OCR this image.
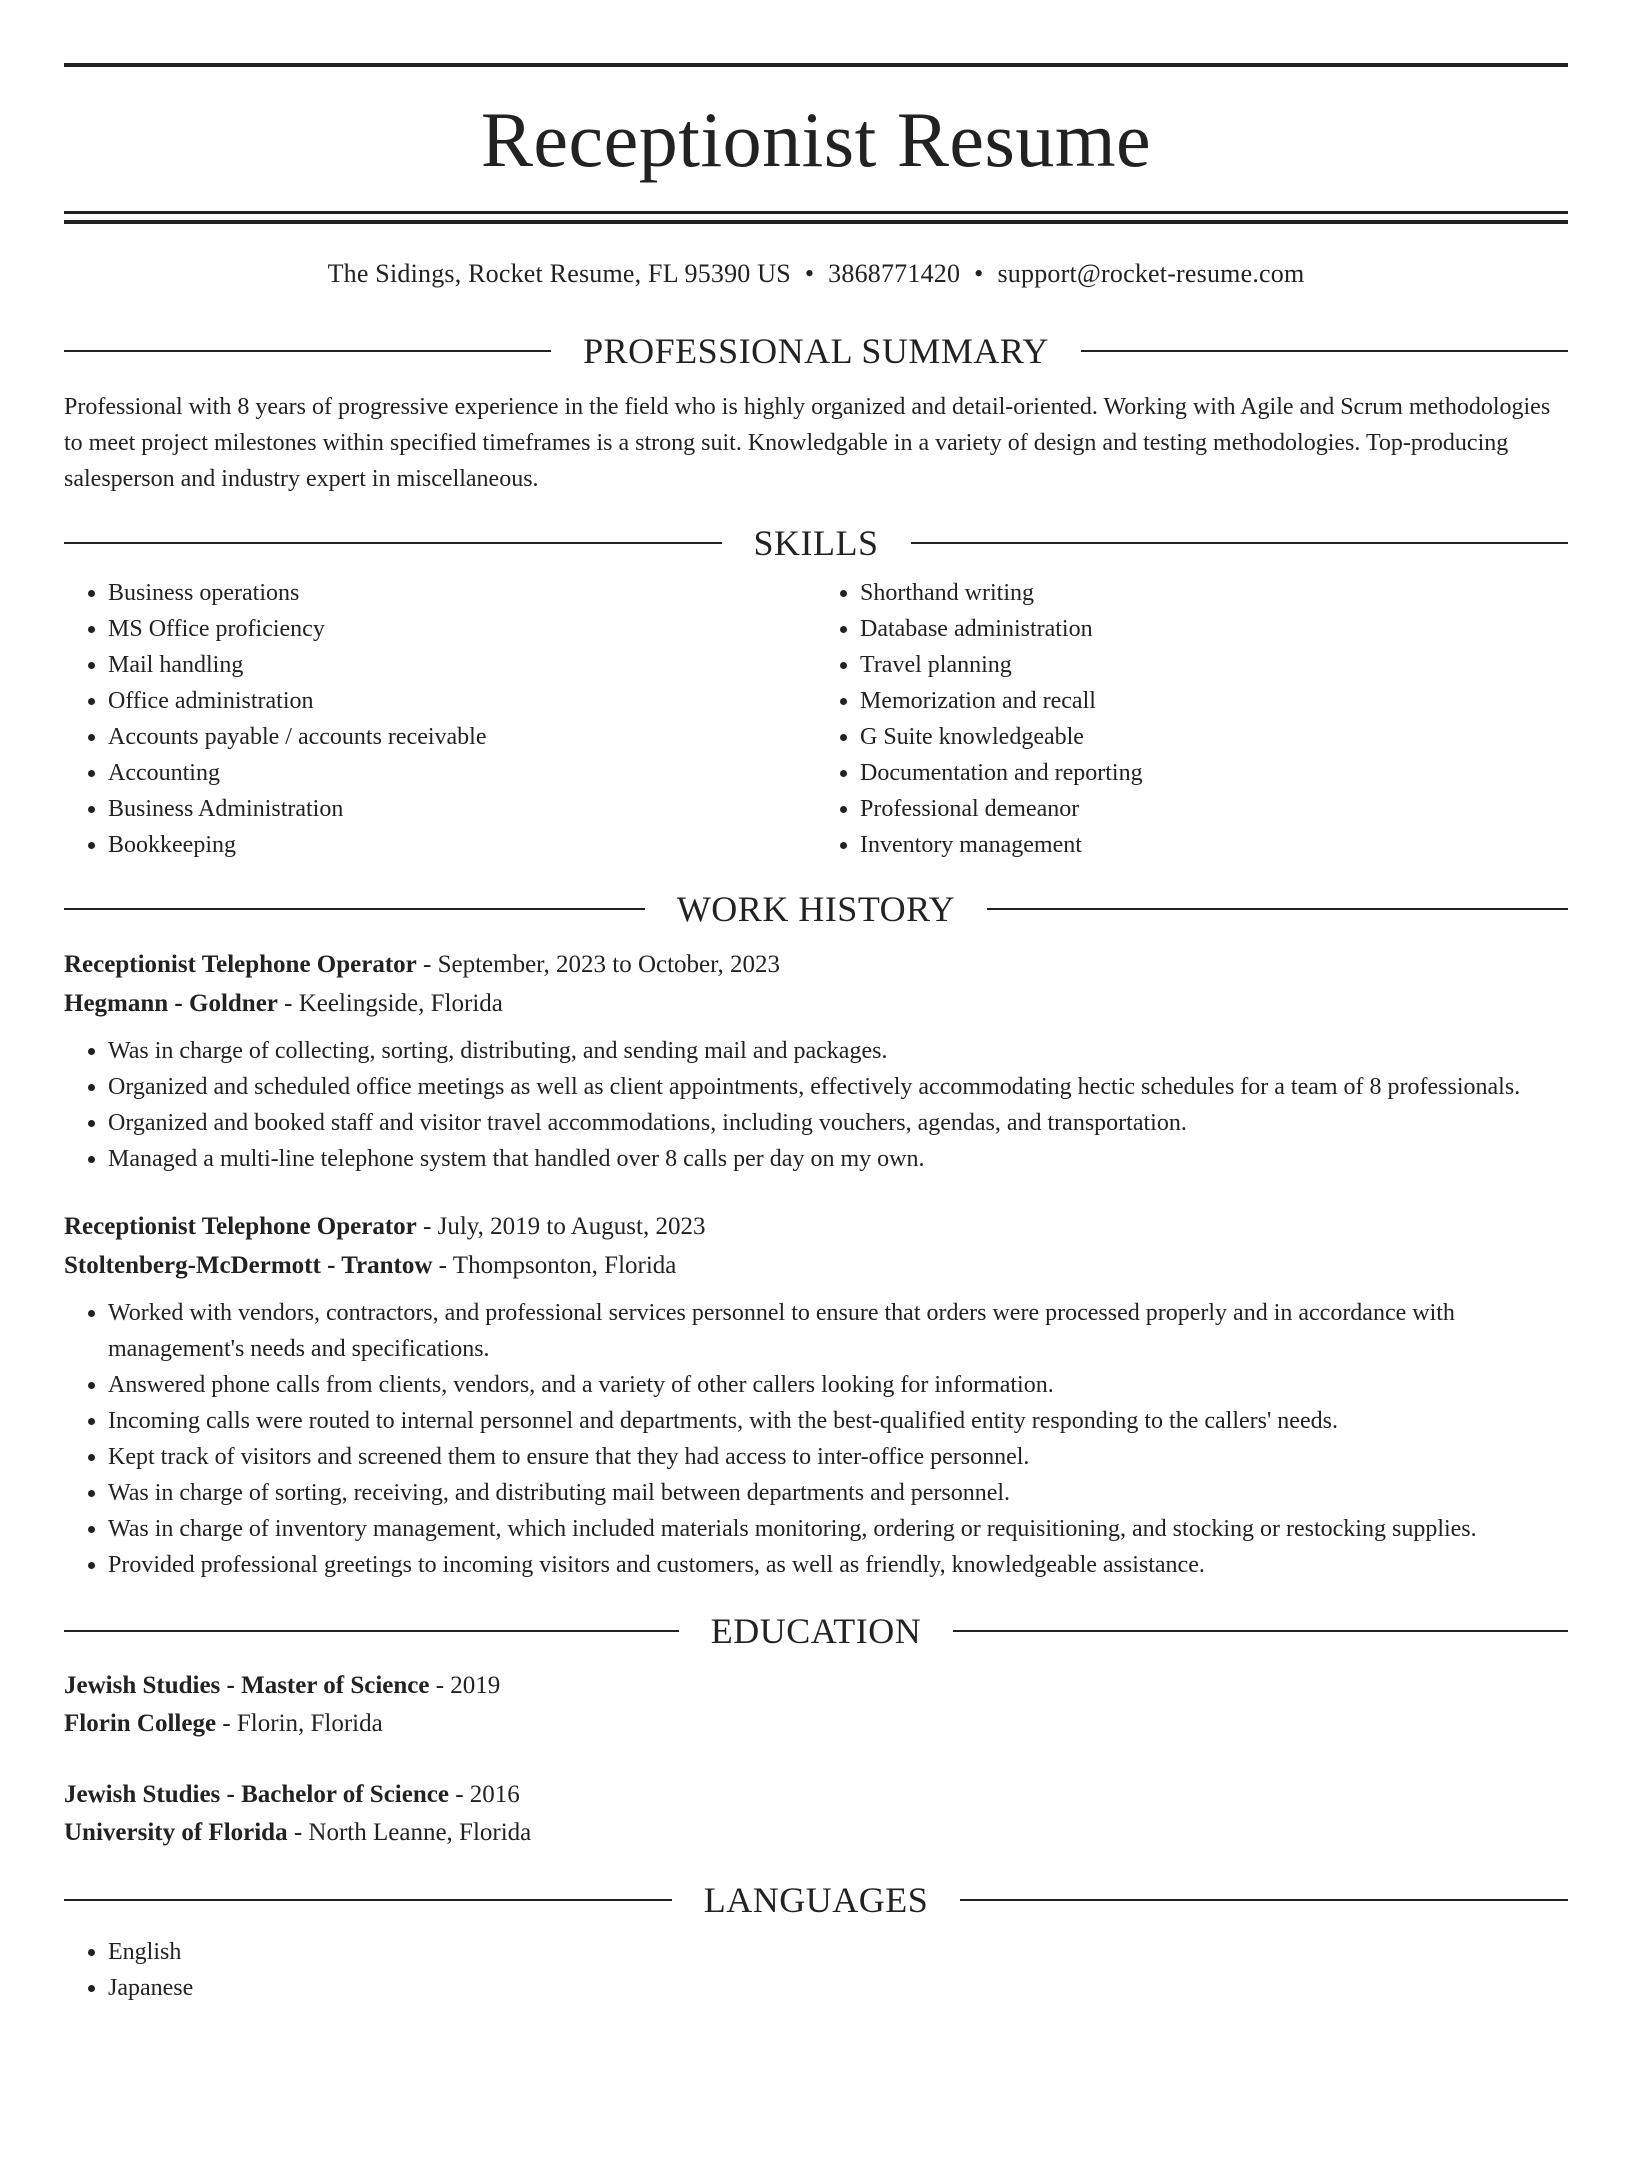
Receptionist Resume
The Sidings, Rocket Resume, FL 95390 US • 3868771420 • support@rocket-resume.com
PROFESSIONAL SUMMARY

Professional with 8 years of progressive experience in the field who is highly organized and detail-oriented. Working with Agile and Scrum methodologies to meet project milestones within specified timeframes is a strong suit. Knowledgable in a variety of design and testing methodologies. Top-producing salesperson and industry expert in miscellaneous.

SKILLS
• Business operations
• MS Office proficiency
• Mail handling
• Office administration
• Accounts payable / accounts receivable
• Accounting
• Business Administration
• Bookkeeping
• Shorthand writing
• Database administration
• Travel planning
• Memorization and recall
• G Suite knowledgeable
• Documentation and reporting
• Professional demeanor
• Inventory management
WORK HISTORY
Receptionist Telephone Operator - September, 2023 to October, 2023
Hegmann - Goldner - Keelingside, Florida
• Was in charge of collecting, sorting, distributing, and sending mail and packages.
• Organized and scheduled office meetings as well as client appointments, effectively accommodating hectic schedules for a team of 8 professionals.
• Organized and booked staff and visitor travel accommodations, including vouchers, agendas, and transportation.
• Managed a multi-line telephone system that handled over 8 calls per day on my own.
Receptionist Telephone Operator - July, 2019 to August, 2023
Stoltenberg-McDermott - Trantow - Thompsonton, Florida
• Worked with vendors, contractors, and professional services personnel to ensure that orders were processed properly and in accordance with management's needs and specifications.
• Answered phone calls from clients, vendors, and a variety of other callers looking for information.
• Incoming calls were routed to internal personnel and departments, with the best-qualified entity responding to the callers' needs.
• Kept track of visitors and screened them to ensure that they had access to inter-office personnel.
• Was in charge of sorting, receiving, and distributing mail between departments and personnel.
• Was in charge of inventory management, which included materials monitoring, ordering or requisitioning, and stocking or restocking supplies.
• Provided professional greetings to incoming visitors and customers, as well as friendly, knowledgeable assistance.
EDUCATION
Jewish Studies - Master of Science - 2019
Florin College - Florin, Florida
Jewish Studies - Bachelor of Science - 2016
University of Florida - North Leanne, Florida
LANGUAGES
• English
• Japanese
